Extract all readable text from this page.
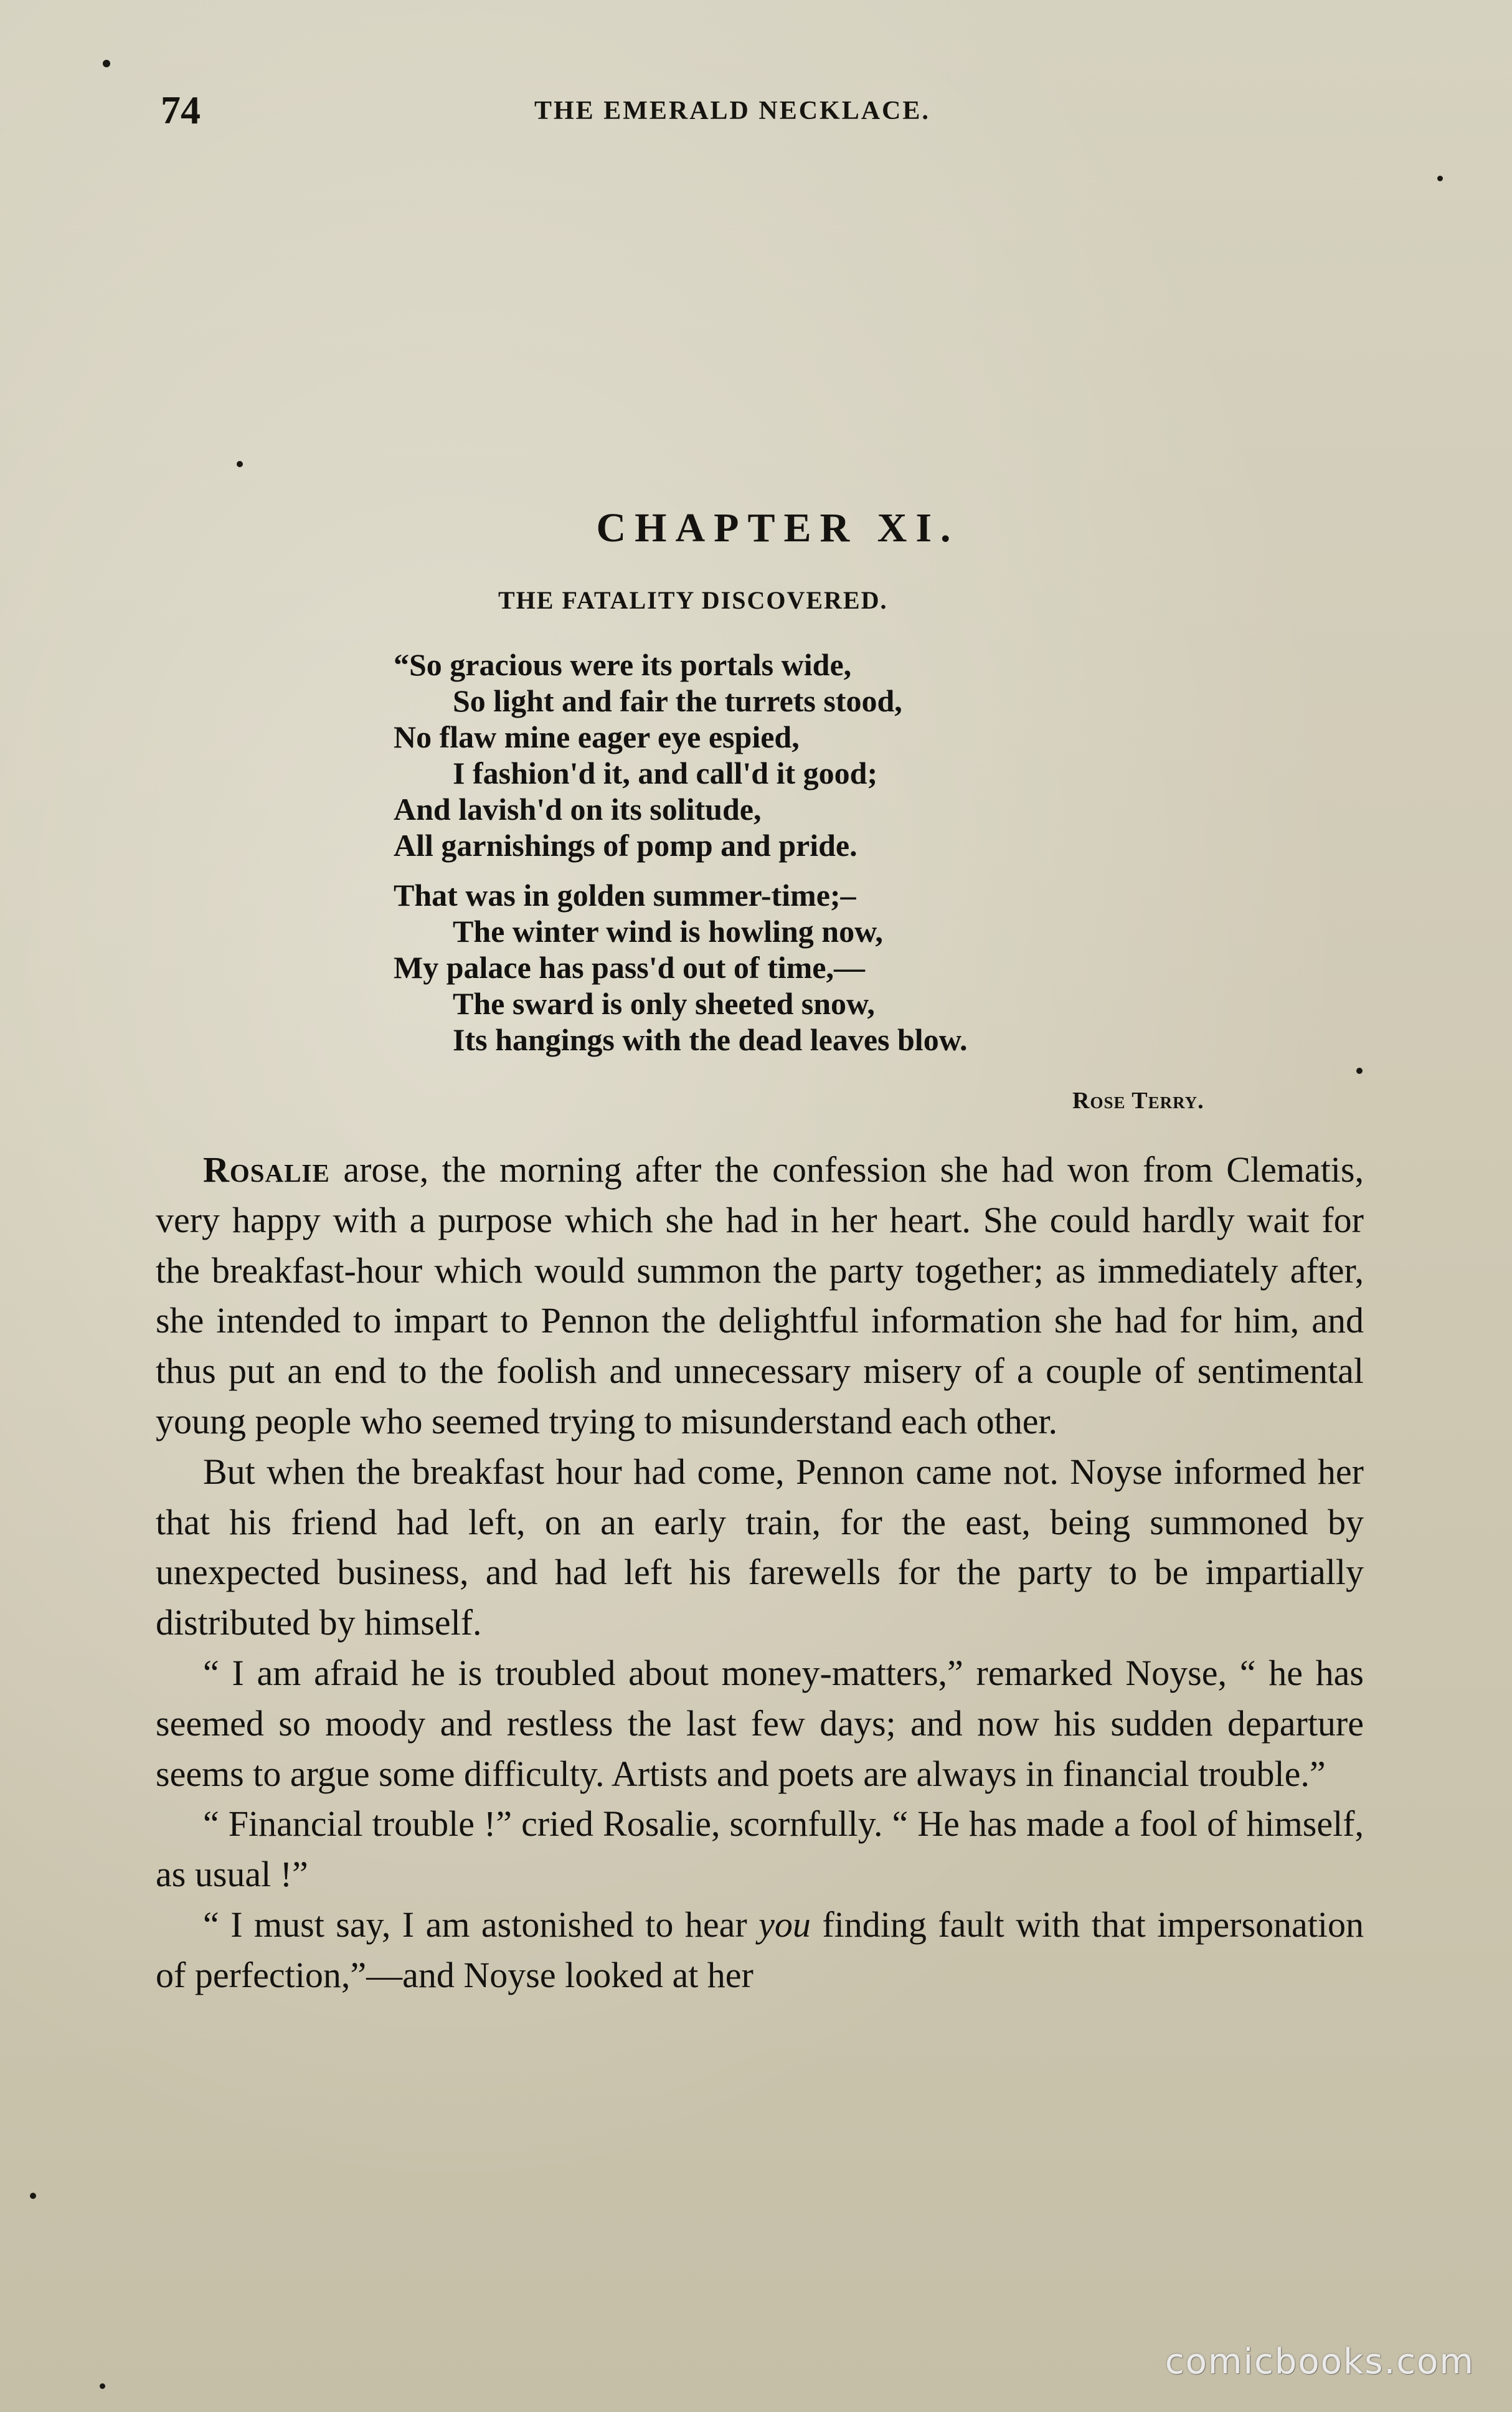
74	THE EMERALD NECKLACE.
CHAPTER XI.
THE FATALITY DISCOVERED.
“So gracious were its portals wide,
So light and fair the turrets stood,
No flaw mine eager eye espied,
I fashion'd it, and call'd it good;
And lavish'd on its solitude,
All garnishings of pomp and pride.
That was in golden summer-time;–
The winter wind is howling now,
My palace has pass'd out of time,—
The sward is only sheeted snow,
Its hangings with the dead leaves blow.
Rose Terry.

Rosalie arose, the morning after the confession she had won from Clematis, very happy with a purpose which she had in her heart. She could hardly wait for the breakfast-hour which would summon the party together; as immediately after, she intended to impart to Pennon the delightful information she had for him, and thus put an end to the foolish and unnecessary misery of a couple of sentimental young people who seemed trying to misunderstand each other.

But when the breakfast hour had come, Pennon came not. Noyse informed her that his friend had left, on an early train, for the east, being summoned by unexpected business, and had left his farewells for the party to be impartially distributed by himself.

“ I am afraid he is troubled about money-matters,” remarked Noyse, “ he has seemed so moody and restless the last few days; and now his sudden departure seems to argue some difficulty. Artists and poets are always in financial trouble.”

“ Financial trouble !” cried Rosalie, scornfully. “ He has made a fool of himself, as usual !”

“ I must say, I am astonished to hear you finding fault with that impersonation of perfection,”—and Noyse looked at her

comicbooks.com
